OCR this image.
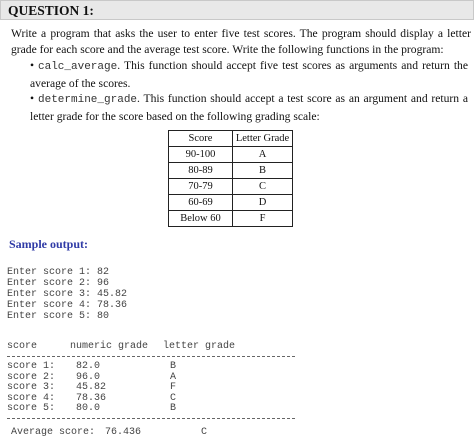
QUESTION 1:

Write a program that asks the user to enter five test scores. The program should display a letter grade for each score and the average test score. Write the following functions in the program:

• calc_average. This function should accept five test scores as arguments and return the average of the scores.
• determine_grade. This function should accept a test score as an argument and return a letter grade for the score based on the following grading scale:
Score	Letter Grade
90-100	A
80-89	B
70-79	C
60-69	D
Below 60	F
Sample output:
Enter score 1: 82
Enter score 2: 96
Enter score 3: 45.82
Enter score 4: 78.36
Enter score 5: 80
score	numeric grade letter grade
score 1: 82.0	B
score 2: 96.0	A
score 3: 45.82	F
score 4: 78.36	C
score 5: 80.0	B
Average score: 76.436	C
